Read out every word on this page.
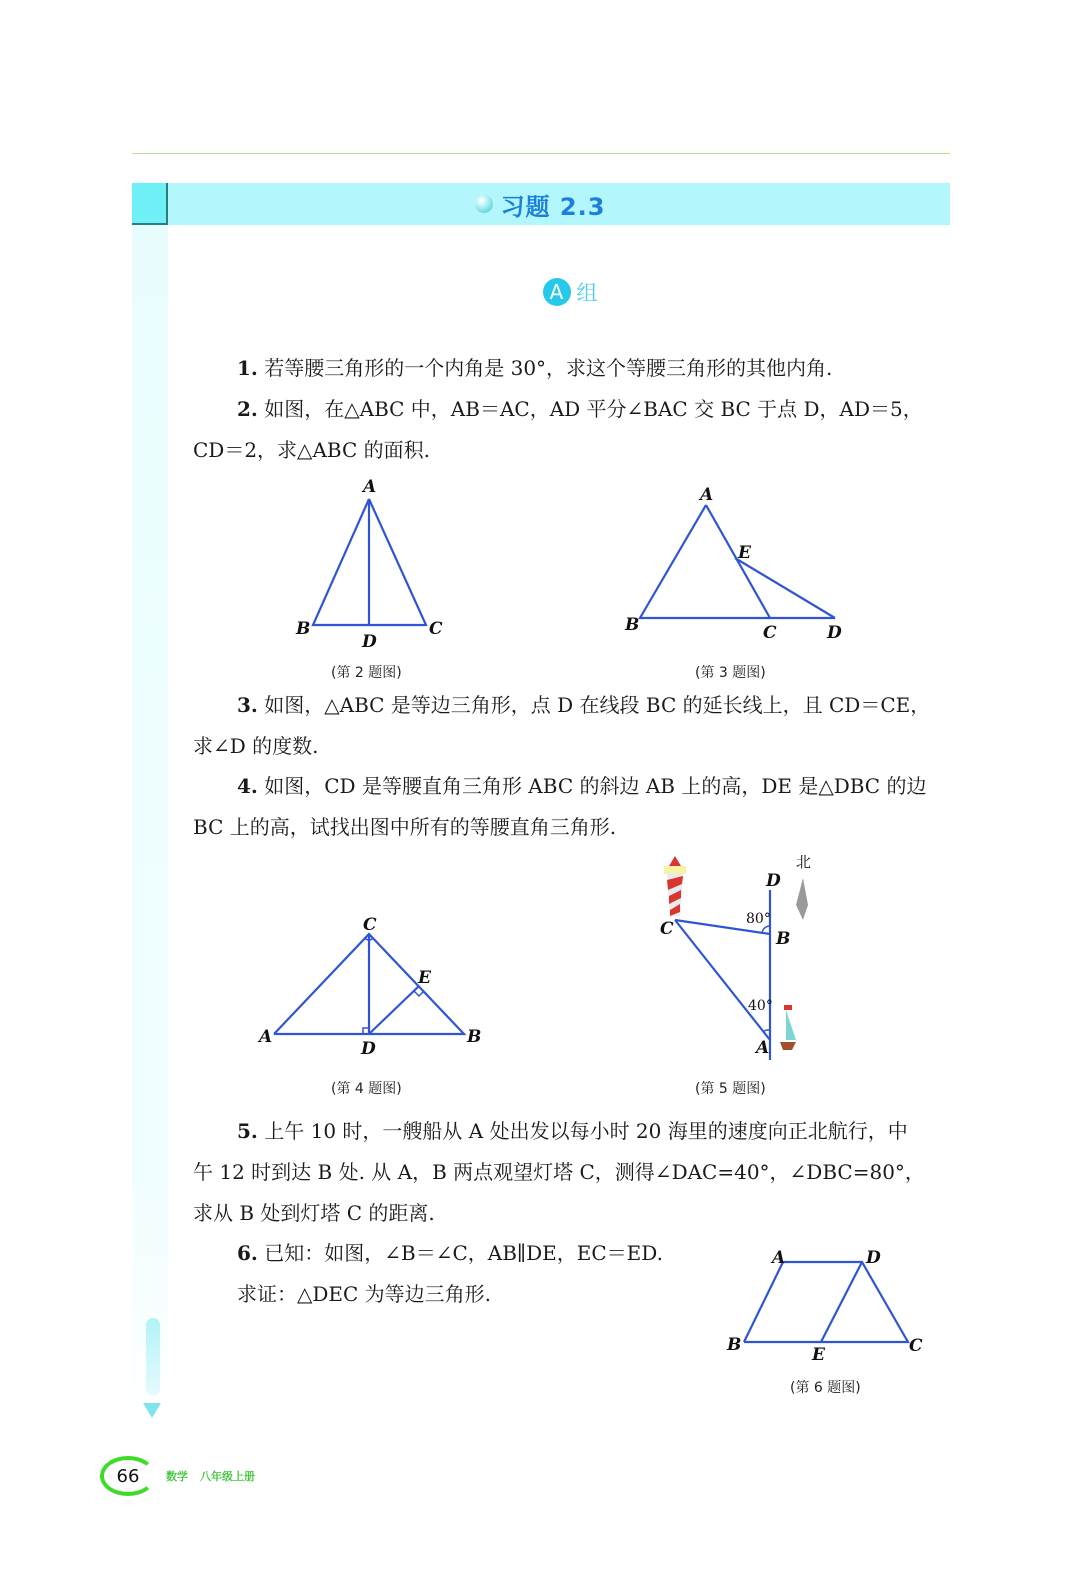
习题 2.3
A 组
1. 若等腰三角形的一个内角是 30°，求这个等腰三角形的其他内角.
2. 如图，在△ABC 中，AB＝AC，AD 平分∠BAC 交 BC 于点 D，AD＝5，
CD＝2，求△ABC 的面积.
A
B	C
D
(第 2 题图)
A
B	C	D
E
(第 3 题图)
3. 如图，△ABC 是等边三角形，点 D 在线段 BC 的延长线上，且 CD＝CE，
求∠D 的度数.
4. 如图，CD 是等腰直角三角形 ABC 的斜边 AB 上的高，DE 是△DBC 的边
BC 上的高，试找出图中所有的等腰直角三角形.
C
A	B
D
E
(第 4 题图)
北
D
C	B
A
80°
40°
(第 5 题图)
5. 上午 10 时，一艘船从 A 处出发以每小时 20 海里的速度向正北航行，中
午 12 时到达 B 处. 从 A，B 两点观望灯塔 C，测得∠DAC=40°，∠DBC=80°，
求从 B 处到灯塔 C 的距离.
6. 已知：如图，∠B＝∠C，AB∥DE，EC＝ED.
求证：△DEC 为等边三角形.
A	D
B	C
E
(第 6 题图)
66	数学 八年级上册
